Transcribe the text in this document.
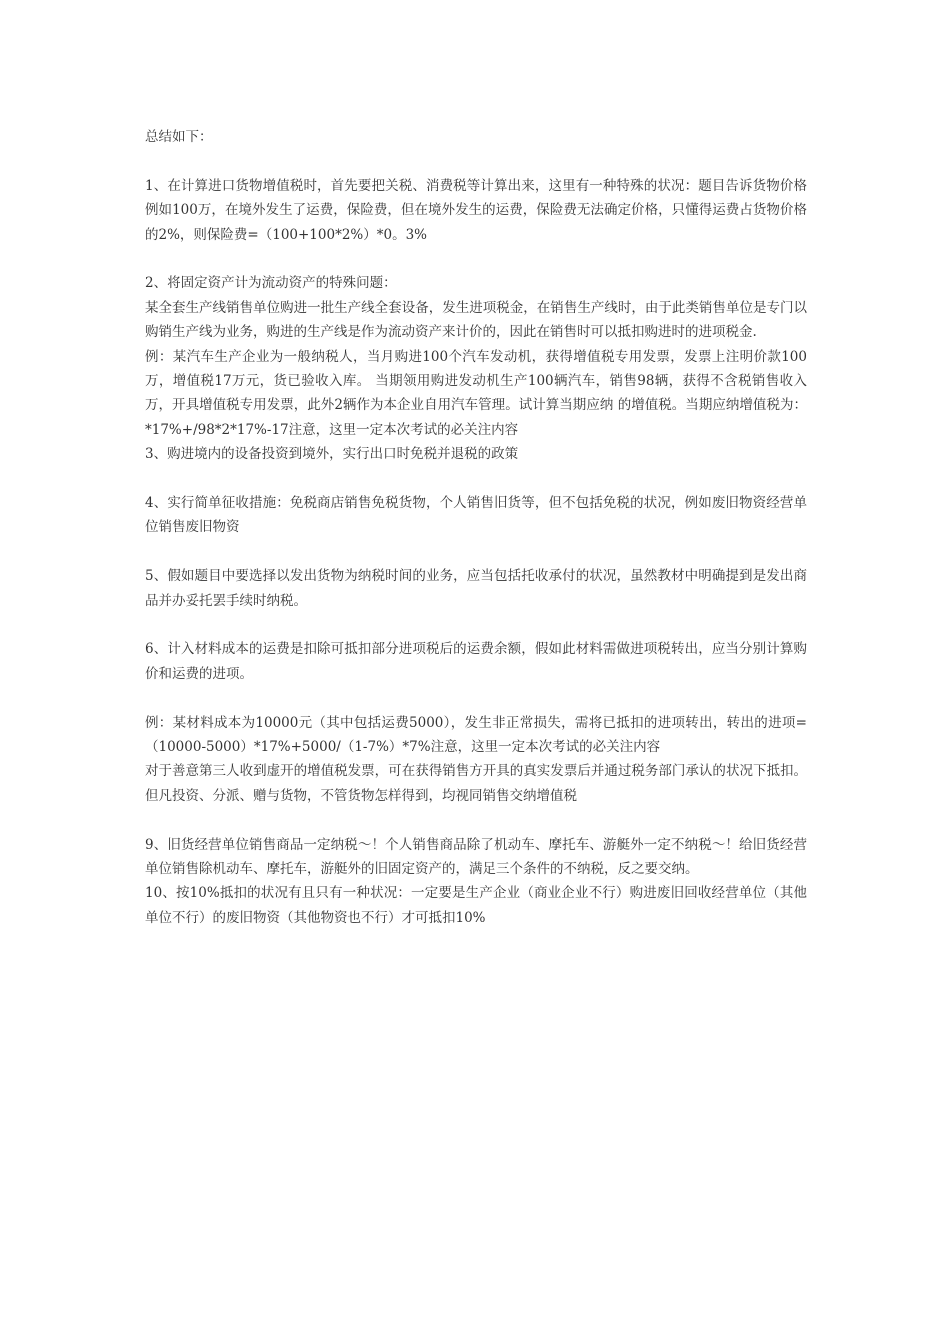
总结如下：

1、在计算进口货物增值税时，首先要把关税、消费税等计算出来，这里有一种特殊的状况：题目告诉货物价格例如100万，在境外发生了运费，保险费，但在境外发生的运费，保险费无法确定价格，只懂得运费占货物价格的2%，则保险费=（100+100*2%）*0。3%

2、将固定资产计为流动资产的特殊问题：

某全套生产线销售单位购进一批生产线全套设备，发生进项税金，在销售生产线时，由于此类销售单位是专门以购销生产线为业务，购进的生产线是作为流动资产来计价的，因此在销售时可以抵扣购进时的进项税金.

例：某汽车生产企业为一般纳税人，当月购进100个汽车发动机，获得增值税专用发票，发票上注明价款100万，增值税17万元，货已验收入库。 当期领用购进发动机生产100辆汽车，销售98辆，获得不含税销售收入万，开具增值税专用发票，此外2辆作为本企业自用汽车管理。试计算当期应纳 的增值税。当期应纳增值税为：*17%+/98*2*17%-17注意，这里一定本次考试的必关注内容

3、购进境内的设备投资到境外，实行出口时免税并退税的政策

4、实行简单征收措施：免税商店销售免税货物，个人销售旧货等，但不包括免税的状况，例如废旧物资经营单位销售废旧物资

5、假如题目中要选择以发出货物为纳税时间的业务，应当包括托收承付的状况，虽然教材中明确提到是发出商品并办妥托罢手续时纳税。

6、计入材料成本的运费是扣除可抵扣部分进项税后的运费余额，假如此材料需做进项税转出，应当分别计算购价和运费的进项。

例：某材料成本为10000元（其中包括运费5000），发生非正常损失，需将已抵扣的进项转出，转出的进项=（10000-5000）*17%+5000/（1-7%）*7%注意，这里一定本次考试的必关注内容

对于善意第三人收到虚开的增值税发票，可在获得销售方开具的真实发票后并通过税务部门承认的状况下抵扣。但凡投资、分派、赠与货物，不管货物怎样得到，均视同销售交纳增值税

9、旧货经营单位销售商品一定纳税～！个人销售商品除了机动车、摩托车、游艇外一定不纳税～！给旧货经营单位销售除机动车、摩托车，游艇外的旧固定资产的，满足三个条件的不纳税，反之要交纳。

10、按10%抵扣的状况有且只有一种状况：一定要是生产企业（商业企业不行）购进废旧回收经营单位（其他单位不行）的废旧物资（其他物资也不行）才可抵扣10%
